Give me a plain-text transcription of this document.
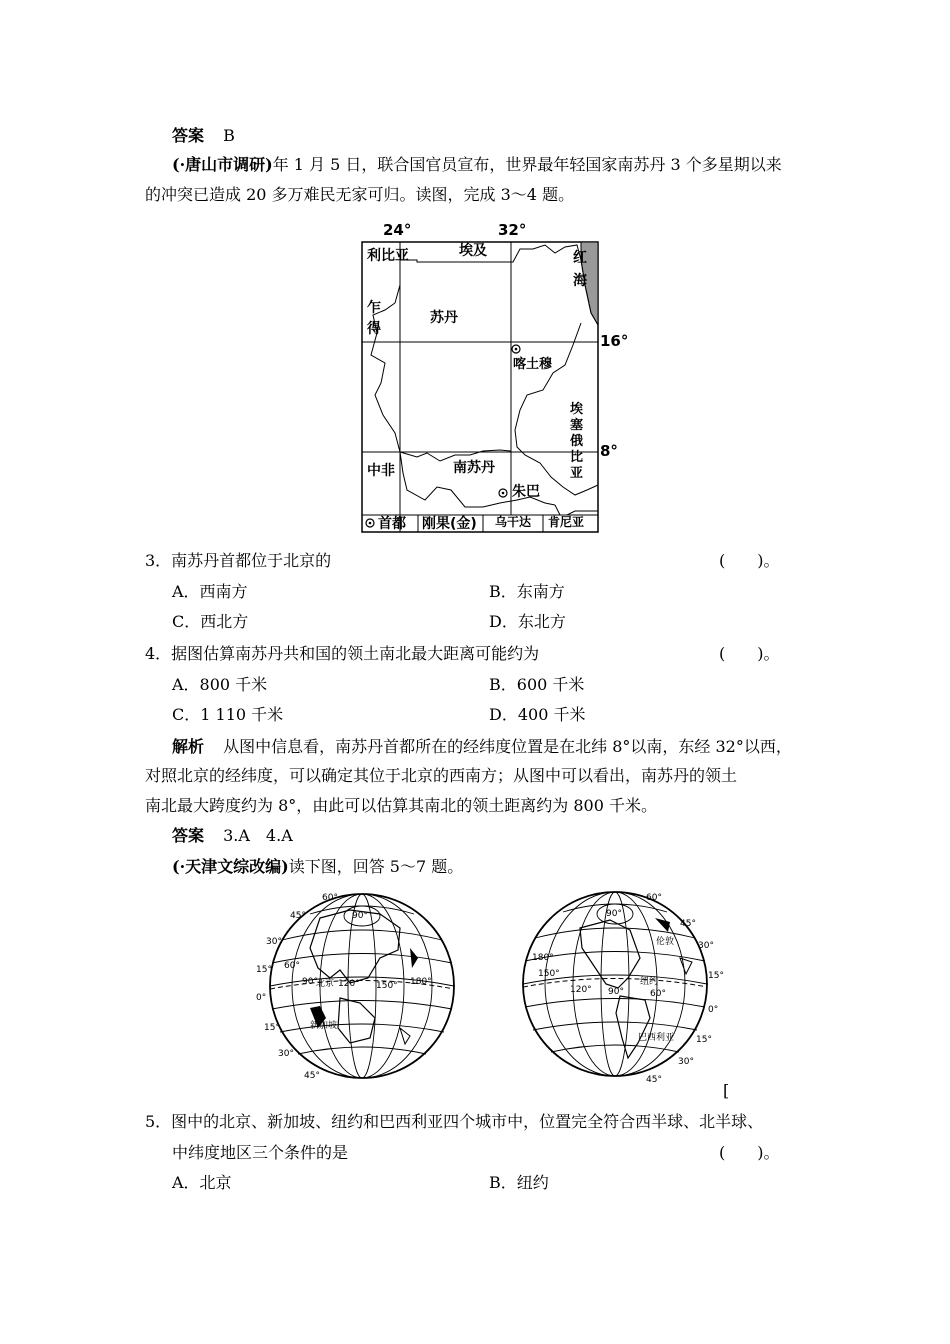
答案 B
(·唐山市调研)年 1 月 5 日，联合国官员宣布，世界最年轻国家南苏丹 3 个多星期以来
的冲突已造成 20 多万难民无家可归。读图，完成 3～4 题。
24°	32°
16°
8°
利比亚	埃及	红
海
乍
得
苏丹
喀土穆
埃
塞
俄
比
亚
中非	南苏丹
朱巴
首都 刚果(金) 乌干达 肯尼亚
3．南苏丹首都位于北京的	(　　)。
A．西南方	B．东南方
C．西北方	D．东北方
4．据图估算南苏丹共和国的领土南北最大距离可能约为	(　　)。
A．800 千米	B．600 千米
C．1 110 千米	D．400 千米
解析 从图中信息看，南苏丹首都所在的经纬度位置是在北纬 8°以南，东经 32°以西，
对照北京的经纬度，可以确定其位于北京的西南方；从图中可以看出，南苏丹的领土
南北最大跨度约为 8°，由此可以估算其南北的领土距离约为 800 千米。
答案 3.A　4.A
(·天津文综改编)读下图，回答 5～7 题。
60°
45°
30°
15°
0°
15°
30°
45°
90°
60°
90° 120° 150° 180°
北京
新加坡
60°
45°
30°
15°
0°
15°
30°
45°
90°
180°
150°
120° 90°	60°
伦敦
纽约
巴西利亚
[
5．图中的北京、新加坡、纽约和巴西利亚四个城市中，位置完全符合西半球、北半球、
中纬度地区三个条件的是	(　　)。
A．北京	B．纽约
